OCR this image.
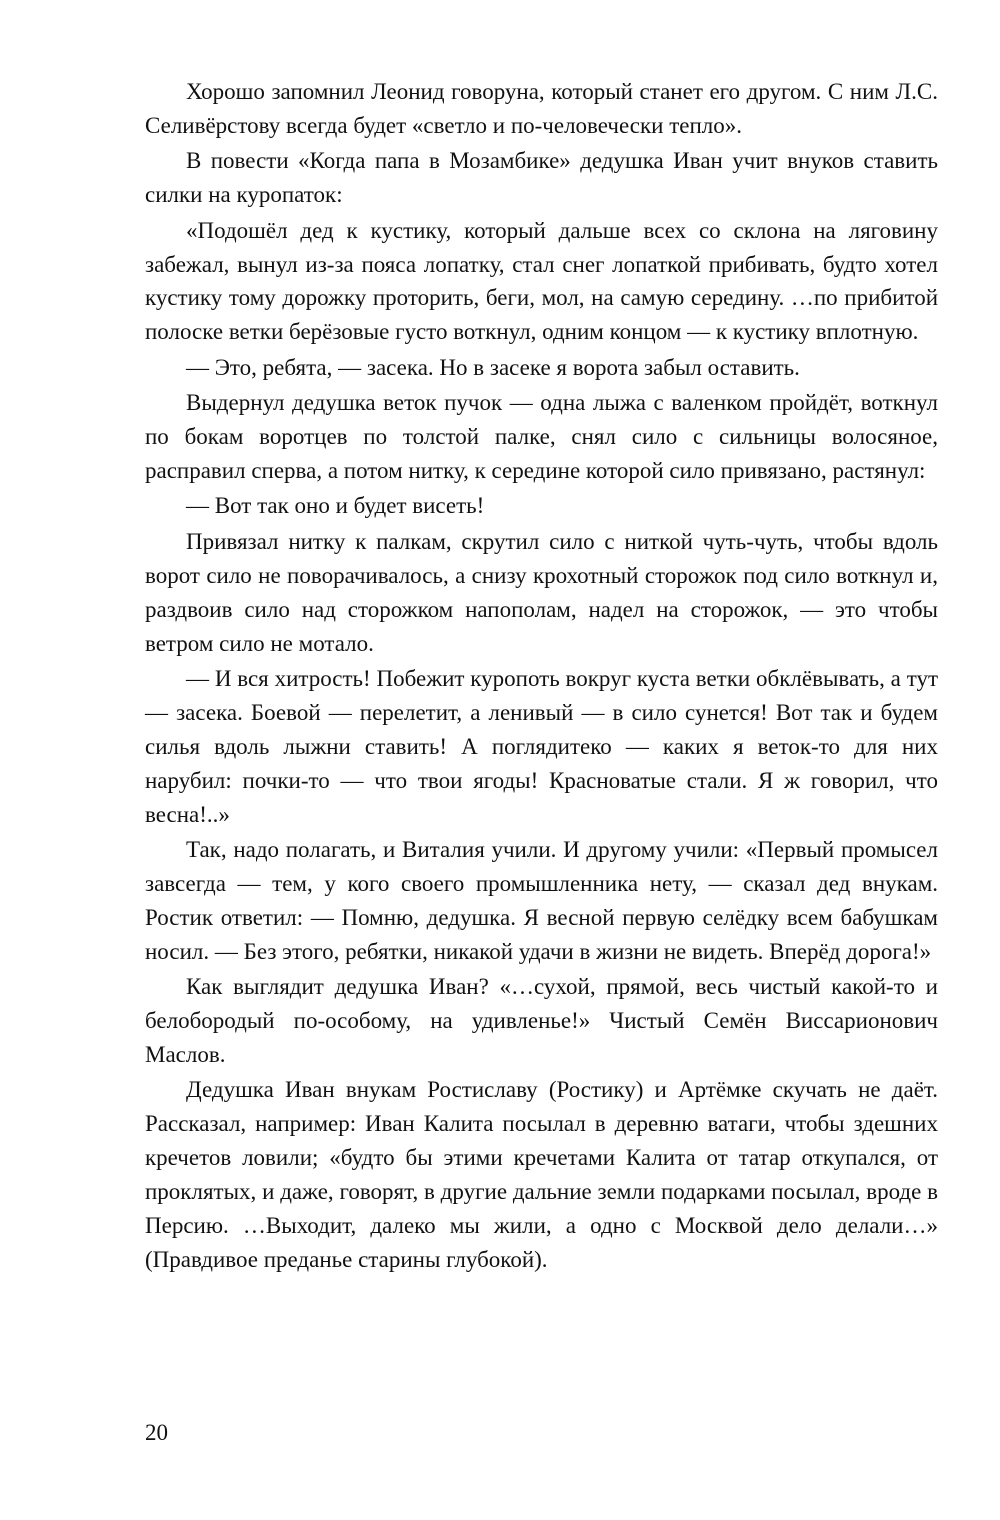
Хорошо запомнил Леонид говоруна, который станет его другом. С ним Л.С. Селивёрстову всегда будет «светло и по-человечески тепло».

В повести «Когда папа в Мозамбике» дедушка Иван учит внуков ставить силки на куропаток:

«Подошёл дед к кустику, который дальше всех со склона на ляговину забежал, вынул из-за пояса лопатку, стал снег лопаткой прибивать, будто хотел кустику тому дорожку проторить, беги, мол, на самую середину. …по прибитой полоске ветки берёзовые густо воткнул, одним концом — к кустику вплотную.

— Это, ребята, — засека. Но в засеке я ворота забыл оставить.

Выдернул дедушка веток пучок — одна лыжа с валенком пройдёт, воткнул по бокам воротцев по толстой палке, снял сило с сильницы волосяное, расправил сперва, а потом нитку, к середине которой сило привязано, растянул:

— Вот так оно и будет висеть!

Привязал нитку к палкам, скрутил сило с ниткой чуть-чуть, чтобы вдоль ворот сило не поворачивалось, а снизу крохотный сторожок под сило воткнул и, раздвоив сило над сторожком напополам, надел на сторожок, — это чтобы ветром сило не мотало.

— И вся хитрость! Побежит куропоть вокруг куста ветки обклёвывать, а тут — засека. Боевой — перелетит, а ленивый — в сило сунется! Вот так и будем силья вдоль лыжни ставить! А поглядитеко — каких я веток-то для них нарубил: почки-то — что твои ягоды! Красноватые стали. Я ж говорил, что весна!..»

Так, надо полагать, и Виталия учили. И другому учили: «Первый промысел завсегда — тем, у кого своего промышленника нету, — сказал дед внукам. Ростик ответил: — Помню, дедушка. Я весной первую селёдку всем бабушкам носил. — Без этого, ребятки, никакой удачи в жизни не видеть. Вперёд дорога!»

Как выглядит дедушка Иван? «…сухой, прямой, весь чистый какой-то и белобородый по-особому, на удивленье!» Чистый Семён Виссарионович Маслов.

Дедушка Иван внукам Ростиславу (Ростику) и Артёмке скучать не даёт. Рассказал, например: Иван Калита посылал в деревню ватаги, чтобы здешних кречетов ловили; «будто бы этими кречетами Калита от татар откупался, от проклятых, и даже, говорят, в другие дальние земли подарками посылал, вроде в Персию. …Выходит, далеко мы жили, а одно с Москвой дело делали…» (Правдивое преданье старины глубокой).

20
